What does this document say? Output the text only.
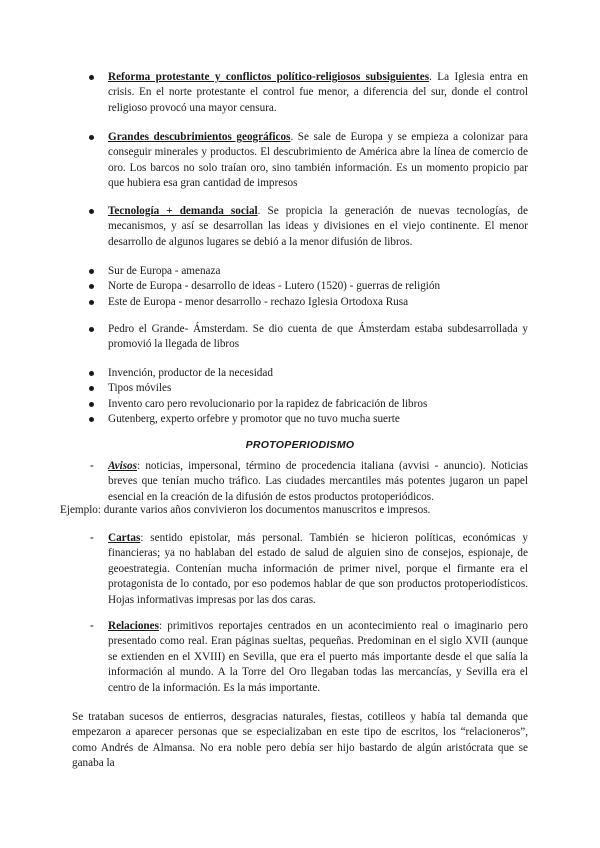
Reforma protestante y conflictos político-religiosos subsiguientes. La Iglesia entra en crisis. En el norte protestante el control fue menor, a diferencia del sur, donde el control religioso provocó una mayor censura.
Grandes descubrimientos geográficos. Se sale de Europa y se empieza a colonizar para conseguir minerales y productos. El descubrimiento de América abre la línea de comercio de oro. Los barcos no solo traían oro, sino también información. Es un momento propicio par que hubiera esa gran cantidad de impresos
Tecnología + demanda social. Se propicia la generación de nuevas tecnologías, de mecanismos, y así se desarrollan las ideas y divisiones en el viejo continente. El menor desarrollo de algunos lugares se debió a la menor difusión de libros.
Sur de Europa - amenaza
Norte de Europa - desarrollo de ideas - Lutero (1520) - guerras de religión
Este de Europa - menor desarrollo - rechazo Iglesia Ortodoxa Rusa
Pedro el Grande- Ámsterdam. Se dio cuenta de que Ámsterdam estaba subdesarrollada y promovió la llegada de libros
Invención, productor de la necesidad
Tipos móviles
Invento caro pero revolucionario por la rapidez de fabricación de libros
Gutenberg, experto orfebre y promotor que no tuvo mucha suerte
PROTOPERIODISMO
- Avisos: noticias, impersonal, término de procedencia italiana (avvisi - anuncio). Noticias breves que tenían mucho tráfico. Las ciudades mercantiles más potentes jugaron un papel esencial en la creación de la difusión de estos productos protoperiódicos.

Ejemplo: durante varios años convivieron los documentos manuscritos e impresos.

- Cartas: sentido epistolar, más personal. También se hicieron políticas, económicas y financieras; ya no hablaban del estado de salud de alguien sino de consejos, espionaje, de geoestrategia. Contenían mucha información de primer nivel, porque el firmante era el protagonista de lo contado, por eso podemos hablar de que son productos protoperiodísticos. Hojas informativas impresas por las dos caras.
- Relaciones: primitivos reportajes centrados en un acontecimiento real o imaginario pero presentado como real. Eran páginas sueltas, pequeñas. Predominan en el siglo XVII (aunque se extienden en el XVIII) en Sevilla, que era el puerto más importante desde el que salía la información al mundo. A la Torre del Oro llegaban todas las mercancías, y Sevilla era el centro de la información. Es la más importante.

Se trataban sucesos de entierros, desgracias naturales, fiestas, cotilleos y había tal demanda que empezaron a aparecer personas que se especializaban en este tipo de escritos, los “relacioneros”, como Andrés de Almansa. No era noble pero debía ser hijo bastardo de algún aristócrata que se ganaba la
